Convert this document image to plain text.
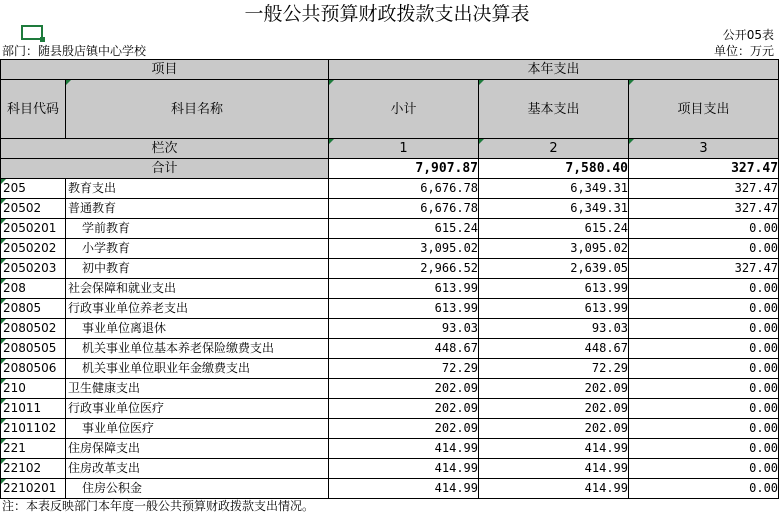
一般公共预算财政拨款支出决算表
公开05表
部门：随县殷店镇中心学校	单位：万元
项目		本年支出		
科目代码	科目名称	小计	基本支出	项目支出
栏次		1	2	3
合计		7,907.87	7,580.40	327.47
205	教育支出	6,676.78	6,349.31	327.47
20502	普通教育	6,676.78	6,349.31	327.47
2050201	学前教育	615.24	615.24	0.00
2050202	小学教育	3,095.02	3,095.02	0.00
2050203	初中教育	2,966.52	2,639.05	327.47
208	社会保障和就业支出	613.99	613.99	0.00
20805	行政事业单位养老支出	613.99	613.99	0.00
2080502	事业单位离退休	93.03	93.03	0.00
2080505	机关事业单位基本养老保险缴费支出	448.67	448.67	0.00
2080506	机关事业单位职业年金缴费支出	72.29	72.29	0.00
210	卫生健康支出	202.09	202.09	0.00
21011	行政事业单位医疗	202.09	202.09	0.00
2101102	事业单位医疗	202.09	202.09	0.00
221	住房保障支出	414.99	414.99	0.00
22102	住房改革支出	414.99	414.99	0.00
2210201	住房公积金	414.99	414.99	0.00
注：本表反映部门本年度一般公共预算财政拨款支出情况。
